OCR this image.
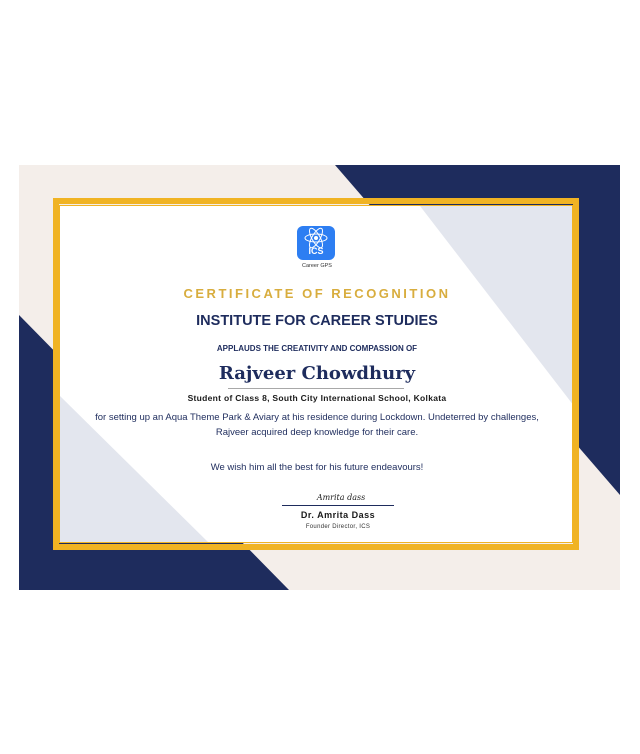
ICS
Career GPS
CERTIFICATE OF RECOGNITION
INSTITUTE FOR CAREER STUDIES
APPLAUDS THE CREATIVITY AND COMPASSION OF
Rajveer Chowdhury
Student of Class 8, South City International School, Kolkata
for setting up an Aqua Theme Park & Aviary at his residence during Lockdown. Undeterred by challenges, Rajveer acquired deep knowledge for their care.
We wish him all the best for his future endeavours!
Amrita dass
Dr. Amrita Dass
Founder Director, ICS
